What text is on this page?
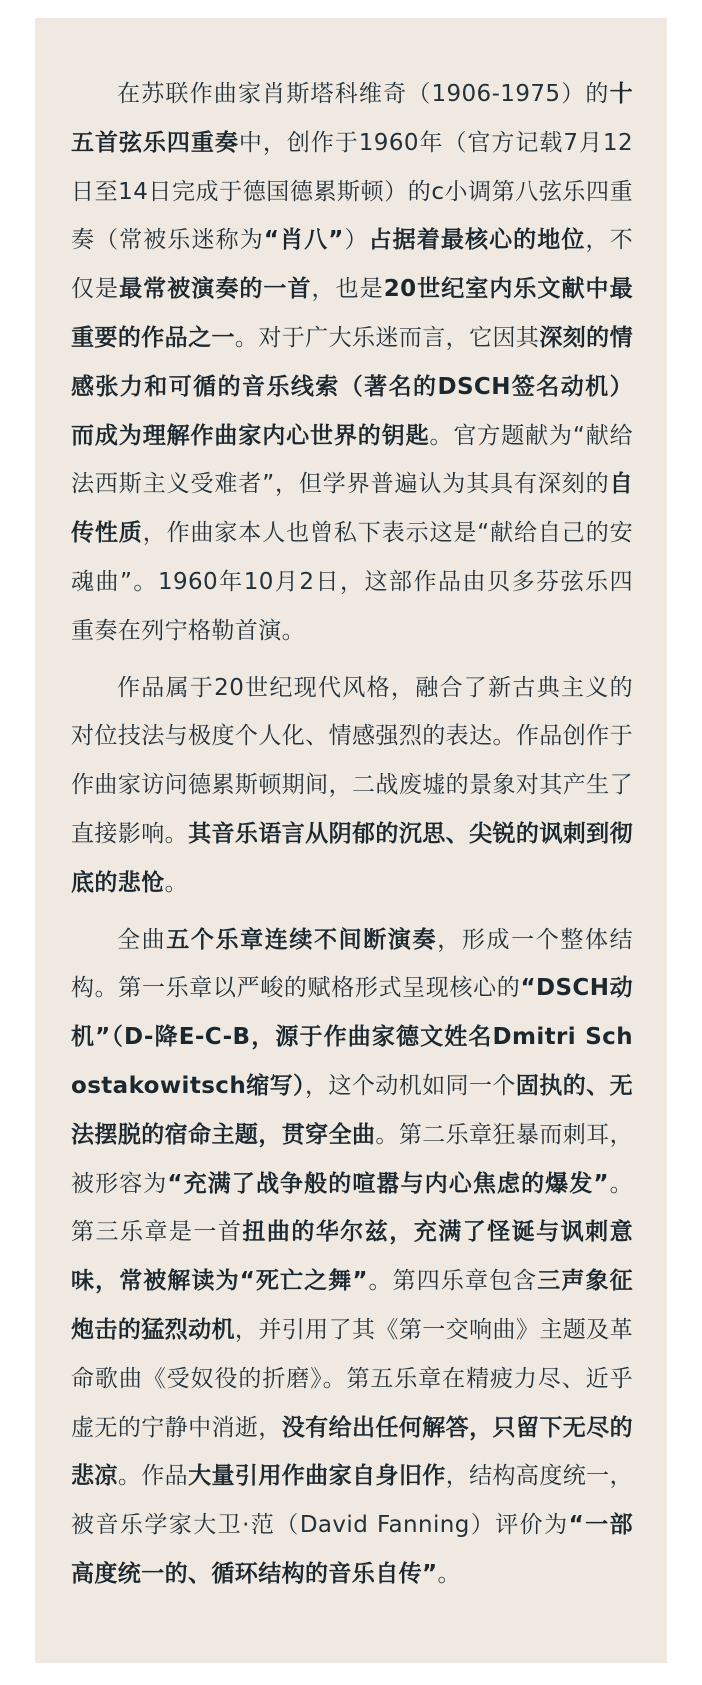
在苏联作曲家肖斯塔科维奇（1906-1975）的十五首弦乐四重奏中，创作于1960年（官方记载7月12日至14日完成于德国德累斯顿）的c小调第八弦乐四重奏（常被乐迷称为“肖八”）占据着最核心的地位，不仅是最常被演奏的一首，也是20世纪室内乐文献中最重要的作品之一。对于广大乐迷而言，它因其深刻的情感张力和可循的音乐线索（著名的DSCH签名动机）而成为理解作曲家内心世界的钥匙。官方题献为“献给法西斯主义受难者”，但学界普遍认为其具有深刻的自传性质，作曲家本人也曾私下表示这是“献给自己的安魂曲”。1960年10月2日，这部作品由贝多芬弦乐四重奏在列宁格勒首演。

作品属于20世纪现代风格，融合了新古典主义的对位技法与极度个人化、情感强烈的表达。作品创作于作曲家访问德累斯顿期间，二战废墟的景象对其产生了直接影响。其音乐语言从阴郁的沉思、尖锐的讽刺到彻底的悲怆。

全曲五个乐章连续不间断演奏，形成一个整体结构。第一乐章以严峻的赋格形式呈现核心的“DSCH动机”（D-降E-C-B，源于作曲家德文姓名Dmitri Schostakowitsch缩写），这个动机如同一个固执的、无法摆脱的宿命主题，贯穿全曲。第二乐章狂暴而刺耳，被形容为“充满了战争般的喧嚣与内心焦虑的爆发”。第三乐章是一首扭曲的华尔兹，充满了怪诞与讽刺意味，常被解读为“死亡之舞”。第四乐章包含三声象征炮击的猛烈动机，并引用了其《第一交响曲》主题及革命歌曲《受奴役的折磨》。第五乐章在精疲力尽、近乎虚无的宁静中消逝，没有给出任何解答，只留下无尽的悲凉。作品大量引用作曲家自身旧作，结构高度统一，被音乐学家大卫·范（David Fanning）评价为“一部高度统一的、循环结构的音乐自传”。
